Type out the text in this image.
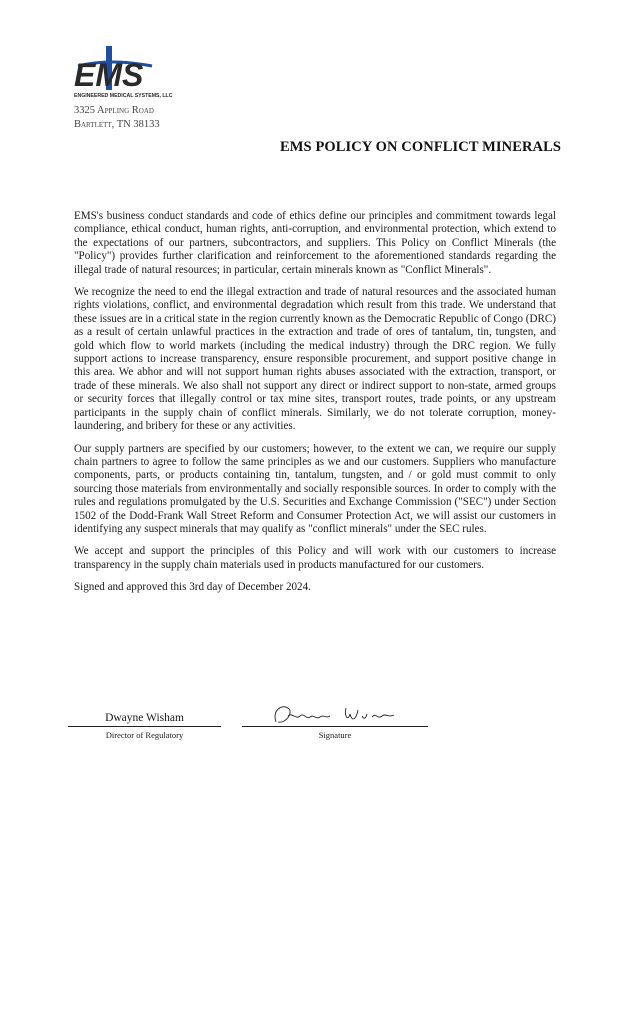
EMS
ENGINEERED MEDICAL SYSTEMS, LLC
3325 Appling Road
Bartlett, TN 38133
EMS POLICY ON CONFLICT MINERALS

EMS's business conduct standards and code of ethics define our principles and commitment towards legal compliance, ethical conduct, human rights, anti-corruption, and environmental protection, which extend to the expectations of our partners, subcontractors, and suppliers. This Policy on Conflict Minerals (the "Policy") provides further clarification and reinforcement to the aforementioned standards regarding the illegal trade of natural resources; in particular, certain minerals known as "Conflict Minerals".

We recognize the need to end the illegal extraction and trade of natural resources and the associated human rights violations, conflict, and environmental degradation which result from this trade. We understand that these issues are in a critical state in the region currently known as the Democratic Republic of Congo (DRC) as a result of certain unlawful practices in the extraction and trade of ores of tantalum, tin, tungsten, and gold which flow to world markets (including the medical industry) through the DRC region. We fully support actions to increase transparency, ensure responsible procurement, and support positive change in this area. We abhor and will not support human rights abuses associated with the extraction, transport, or trade of these minerals. We also shall not support any direct or indirect support to non-state, armed groups or security forces that illegally control or tax mine sites, transport routes, trade points, or any upstream participants in the supply chain of conflict minerals. Similarly, we do not tolerate corruption, money-laundering, and bribery for these or any activities.

Our supply partners are specified by our customers; however, to the extent we can, we require our supply chain partners to agree to follow the same principles as we and our customers. Suppliers who manufacture components, parts, or products containing tin, tantalum, tungsten, and / or gold must commit to only sourcing those materials from environmentally and socially responsible sources. In order to comply with the rules and regulations promulgated by the U.S. Securities and Exchange Commission ("SEC") under Section 1502 of the Dodd-Frank Wall Street Reform and Consumer Protection Act, we will assist our customers in identifying any suspect minerals that may qualify as "conflict minerals" under the SEC rules.

We accept and support the principles of this Policy and will work with our customers to increase transparency in the supply chain materials used in products manufactured for our customers.

Signed and approved this 3rd day of December 2024.

Dwayne Wisham
Director of Regulatory	Signature
